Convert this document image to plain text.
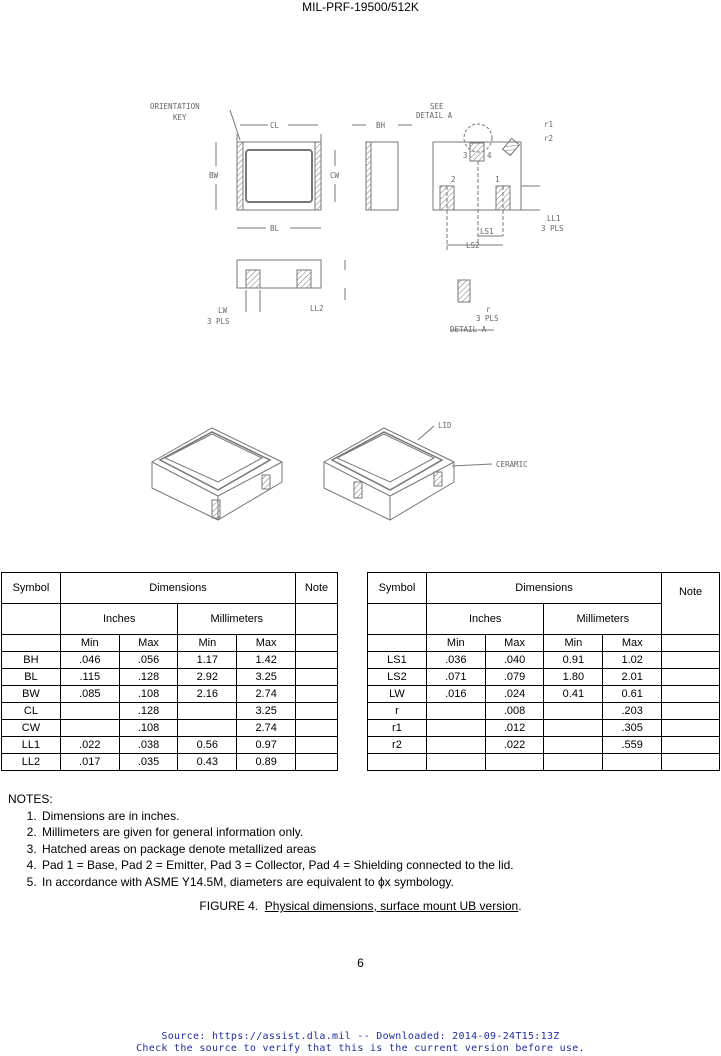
MIL-PRF-19500/512K
ORIENTATION
KEY
CL	BH
BW	CW
BL
SEE
DETAIL A
r1
r2
3	4
2	1
LL1
3 PLS
LS1
LS2
LW
3 PLS
LL2	r
3 PLS
DETAIL A
LID
CERAMIC
Symbol	Dimensions				Note
	Inches		Millimeters		
	Min	Max	Min	Max	
BH	.046	.056	1.17	1.42	
BL	.115	.128	2.92	3.25	
BW	.085	.108	2.16	2.74	
CL		.128		3.25	
CW		.108		2.74	
LL1	.022	.038	0.56	0.97	
LL2	.017	.035	0.43	0.89	
Symbol	Dimensions				Note
	Inches		Millimeters		
	Min	Max	Min	Max	
LS1	.036	.040	0.91	1.02	
LS2	.071	.079	1.80	2.01	
LW	.016	.024	0.41	0.61	
r		.008		.203	
r1		.012		.305	
r2		.022		.559	

NOTES:
1. Dimensions are in inches.
2. Millimeters are given for general information only.
3. Hatched areas on package denote metallized areas
4. Pad 1 = Base, Pad 2 = Emitter, Pad 3 = Collector, Pad 4 = Shielding connected to the lid.
5. In accordance with ASME Y14.5M, diameters are equivalent to ϕx symbology.
FIGURE 4.  Physical dimensions, surface mount UB version.
6
Source: https://assist.dla.mil -- Downloaded: 2014-09-24T15:13Z
Check the source to verify that this is the current version before use.
